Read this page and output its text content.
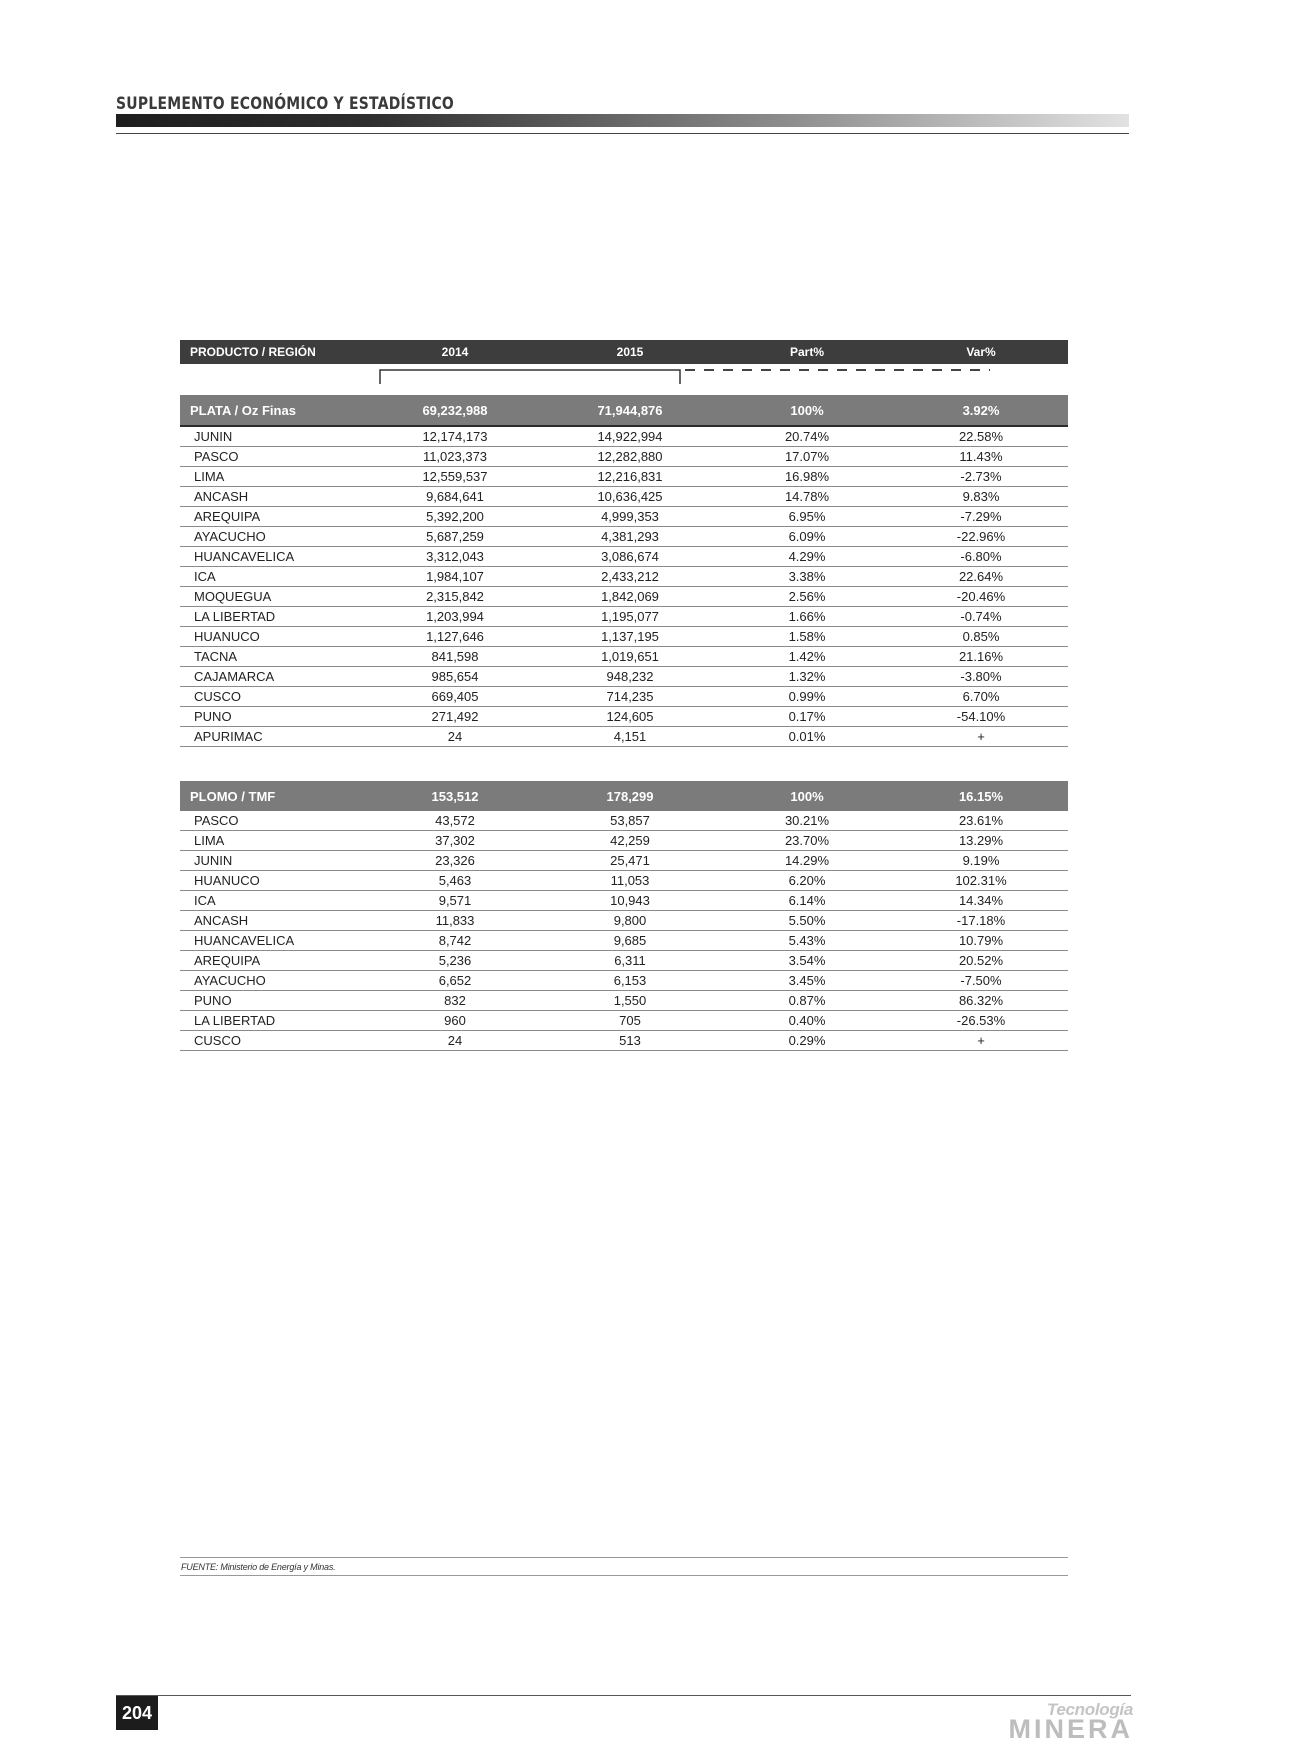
SUPLEMENTO ECONÓMICO Y ESTADÍSTICO
PRODUCTO / REGIÓN	2014	2015	Part%	Var%

PLATA / Oz Finas	69,232,988	71,944,876	100%	3.92%
JUNIN	12,174,173	14,922,994	20.74%	22.58%
PASCO	11,023,373	12,282,880	17.07%	11.43%
LIMA	12,559,537	12,216,831	16.98%	-2.73%
ANCASH	9,684,641	10,636,425	14.78%	9.83%
AREQUIPA	5,392,200	4,999,353	6.95%	-7.29%
AYACUCHO	5,687,259	4,381,293	6.09%	-22.96%
HUANCAVELICA	3,312,043	3,086,674	4.29%	-6.80%
ICA	1,984,107	2,433,212	3.38%	22.64%
MOQUEGUA	2,315,842	1,842,069	2.56%	-20.46%
LA LIBERTAD	1,203,994	1,195,077	1.66%	-0.74%
HUANUCO	1,127,646	1,137,195	1.58%	0.85%
TACNA	841,598	1,019,651	1.42%	21.16%
CAJAMARCA	985,654	948,232	1.32%	-3.80%
CUSCO	669,405	714,235	0.99%	6.70%
PUNO	271,492	124,605	0.17%	-54.10%
APURIMAC	24	4,151	0.01%	+
PLOMO / TMF	153,512	178,299	100%	16.15%
PASCO	43,572	53,857	30.21%	23.61%
LIMA	37,302	42,259	23.70%	13.29%
JUNIN	23,326	25,471	14.29%	9.19%
HUANUCO	5,463	11,053	6.20%	102.31%
ICA	9,571	10,943	6.14%	14.34%
ANCASH	11,833	9,800	5.50%	-17.18%
HUANCAVELICA	8,742	9,685	5.43%	10.79%
AREQUIPA	5,236	6,311	3.54%	20.52%
AYACUCHO	6,652	6,153	3.45%	-7.50%
PUNO	832	1,550	0.87%	86.32%
LA LIBERTAD	960	705	0.40%	-26.53%
CUSCO	24	513	0.29%	+
FUENTE: Ministerio de Energía y Minas.
204	Tecnología
MINERA
